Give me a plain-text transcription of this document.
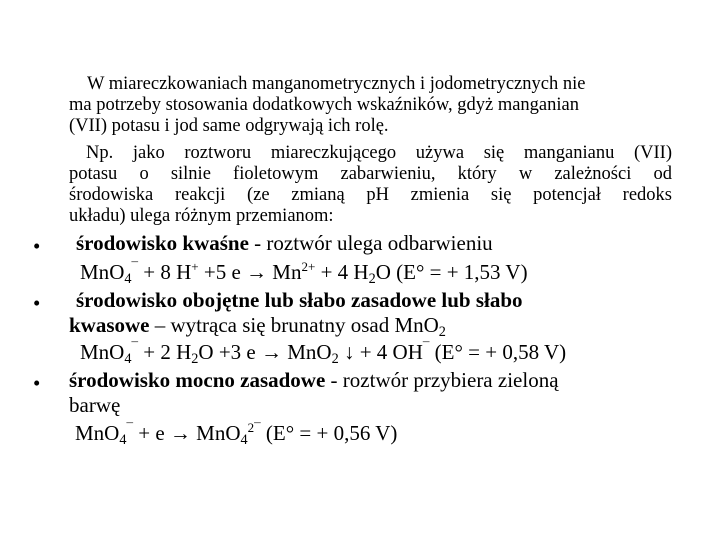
W miareczkowaniach manganometrycznych i jodometrycznych nie
ma potrzeby stosowania dodatkowych wskaźników, gdyż manganian
(VII) potasu i jod same odgrywają ich rolę.
Np. jako roztworu miareczkującego używa się manganianu (VII)
potasu o silnie fioletowym zabarwieniu, który w zależności od
środowiska reakcji (ze zmianą pH zmienia się potencjał redoks
układu) ulega różnym przemianom:
• środowisko kwaśne - roztwór ulega odbarwieniu
MnO$_4$¯ + 8 H+ +5 $e \to Mn^{2+} + 4$ $H_2O$ (E° = + 1,53 V)
• środowisko obojętne lub słabo zasadowe lub słabo
kwasowe – wytrąca się brunatny osad MnO$_2$
MnO$_4$¯ + 2 $H_2O +3$ e → MnO$_2$ ↓ + 4 OH¯ (E° = + 0,58 V)
• środowisko mocno zasadowe - roztwór przybiera zieloną
barwę
MnO$_4$¯ + e → MnO$_4^{2¯}$ (E° = + 0,56 V)
